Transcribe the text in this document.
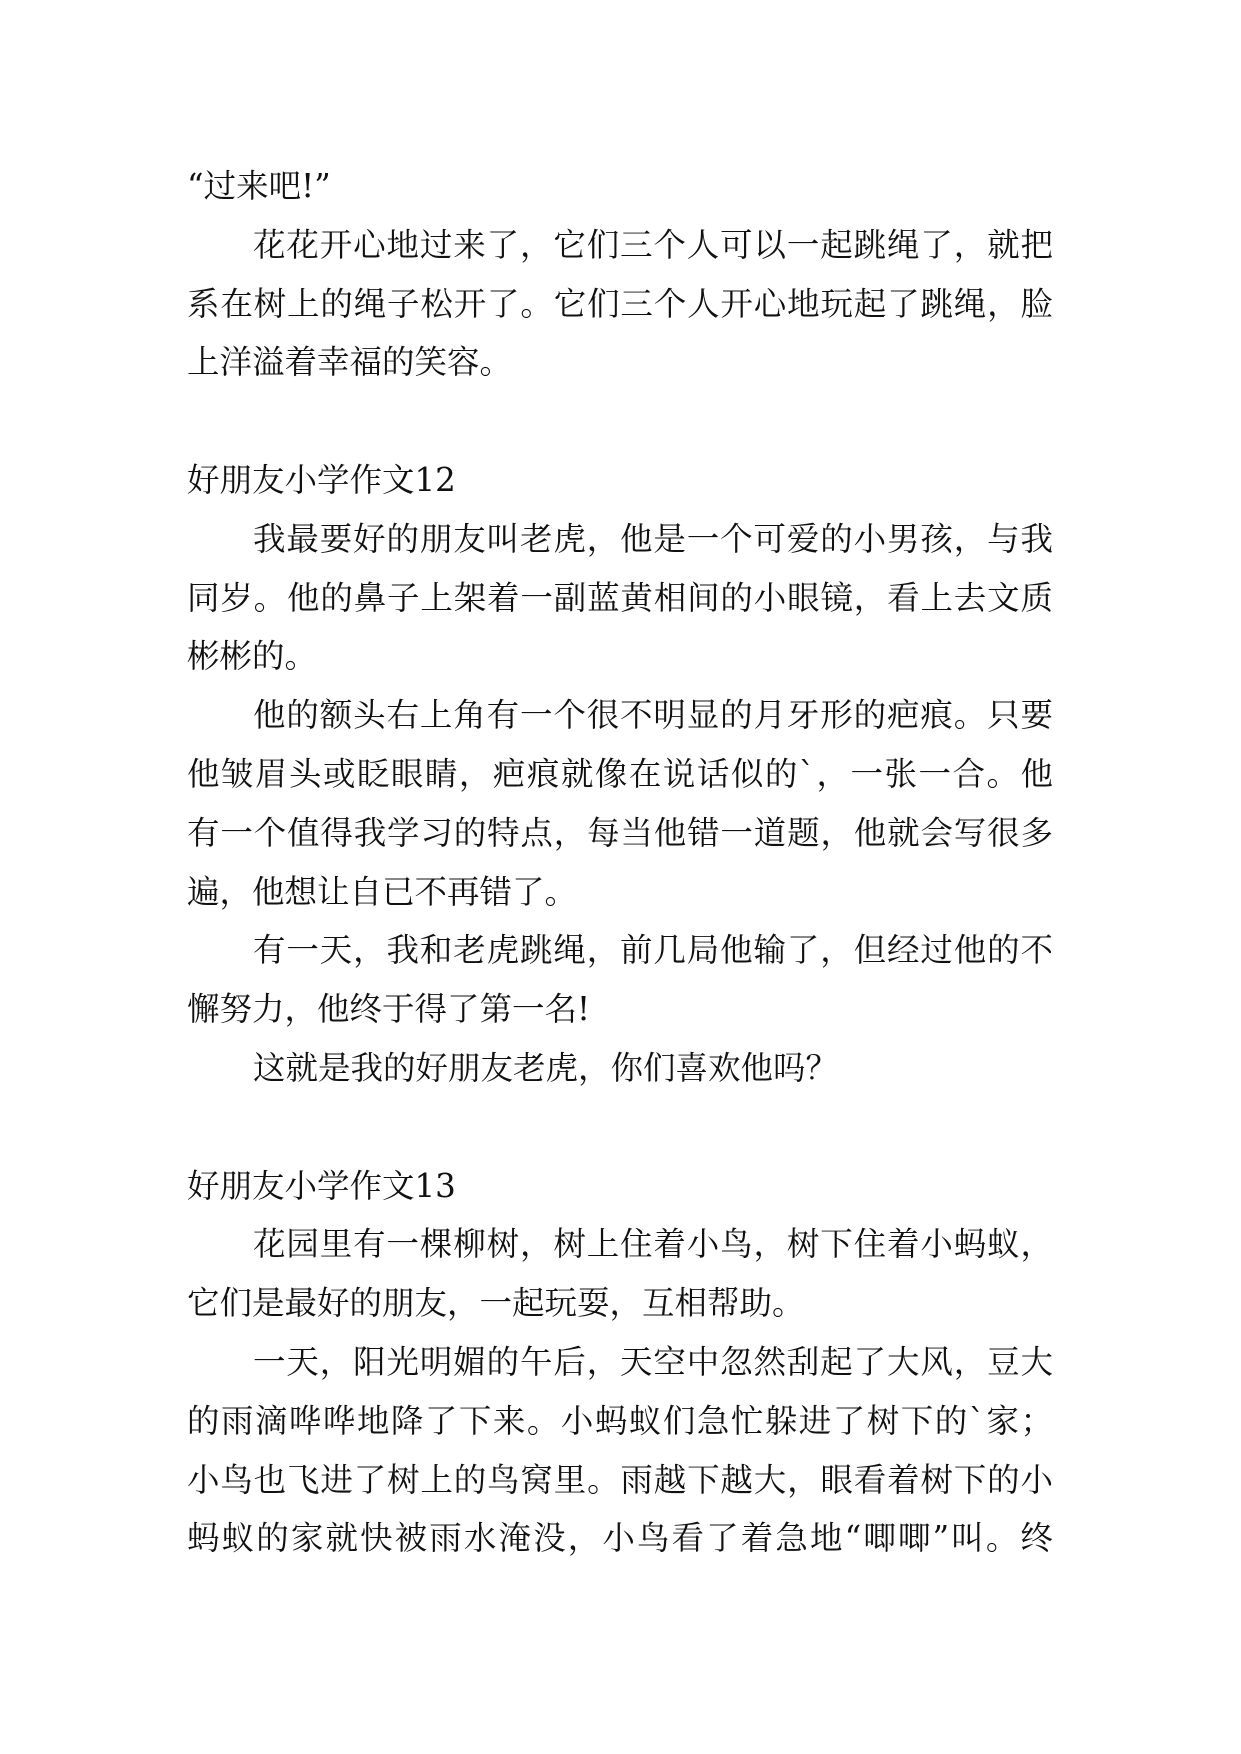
“过来吧!”
花花开心地过来了，它们三个人可以一起跳绳了，就把
系在树上的绳子松开了。它们三个人开心地玩起了跳绳，脸
上洋溢着幸福的笑容。
好朋友小学作文12
我最要好的朋友叫老虎，他是一个可爱的小男孩，与我
同岁。他的鼻子上架着一副蓝黄相间的小眼镜，看上去文质
彬彬的。
他的额头右上角有一个很不明显的月牙形的疤痕。只要
他皱眉头或眨眼睛，疤痕就像在说话似的`，一张一合。他
有一个值得我学习的特点，每当他错一道题，他就会写很多
遍，他想让自已不再错了。
有一天，我和老虎跳绳，前几局他输了，但经过他的不
懈努力，他终于得了第一名!
这就是我的好朋友老虎，你们喜欢他吗？
好朋友小学作文13
花园里有一棵柳树，树上住着小鸟，树下住着小蚂蚁，
它们是最好的朋友，一起玩耍，互相帮助。
一天，阳光明媚的午后，天空中忽然刮起了大风，豆大
的雨滴哗哗地降了下来。小蚂蚁们急忙躲进了树下的`家；
小鸟也飞进了树上的鸟窝里。雨越下越大，眼看着树下的小
蚂蚁的家就快被雨水淹没，小鸟看了着急地“唧唧”叫。终
